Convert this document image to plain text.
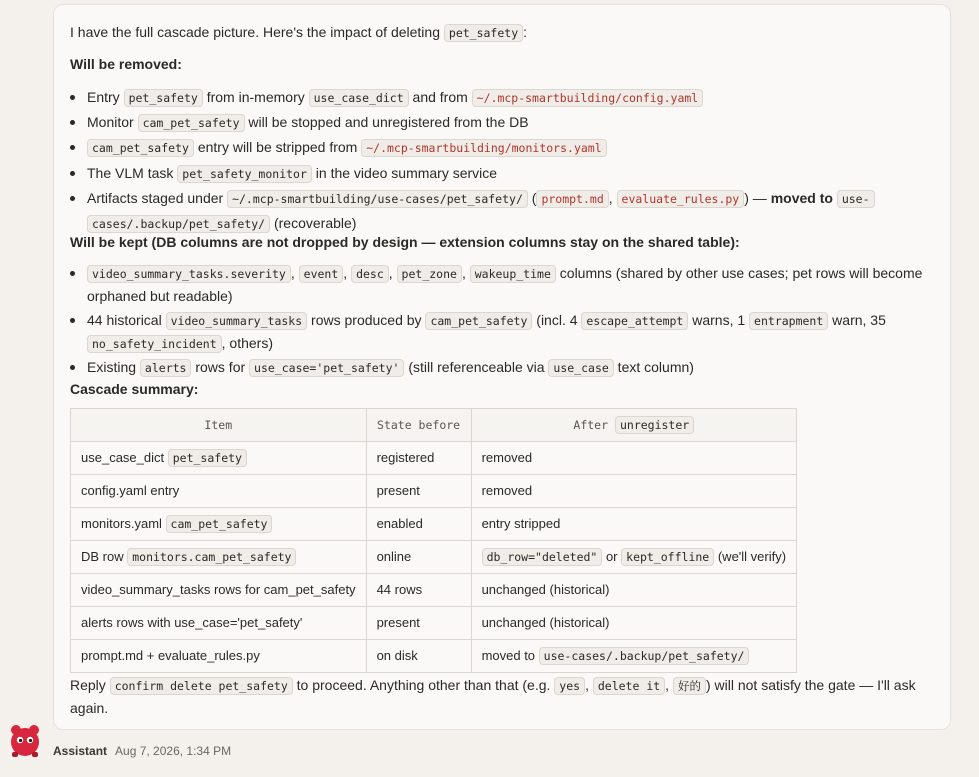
I have the full cascade picture. Here's the impact of deleting pet_safety :
Will be removed:
Entry pet_safety from in-memory use_case_dict and from ~/.mcp-smartbuilding/config.yaml
Monitor cam_pet_safety will be stopped and unregistered from the DB
cam_pet_safety entry will be stripped from ~/.mcp-smartbuilding/monitors.yaml
The VLM task pet_safety_monitor in the video summary service
Artifacts staged under ~/.mcp-smartbuilding/use-cases/pet_safety/ ( prompt.md , evaluate_rules.py ) — moved to use-
cases/.backup/pet_safety/ (recoverable)
Will be kept (DB columns are not dropped by design — extension columns stay on the shared table):
video_summary_tasks.severity , event , desc , pet_zone , wakeup_time columns (shared by other use cases; pet rows will become
orphaned but readable)
44 historical video_summary_tasks rows produced by cam_pet_safety (incl. 4 escape_attempt warns, 1 entrapment warn, 35
no_safety_incident , others)
Existing alerts rows for use_case='pet_safety' (still referenceable via use_case text column)
Cascade summary:
Item	State before	After unregister
use_case_dict pet_safety	registered	removed
config.yaml entry	present	removed
monitors.yaml cam_pet_safety	enabled	entry stripped
DB row monitors.cam_pet_safety	online	db_row="deleted" or kept_offline (we'll verify)
video_summary_tasks rows for cam_pet_safety	44 rows	unchanged (historical)
alerts rows with use_case='pet_safety'	present	unchanged (historical)
prompt.md + evaluate_rules.py	on disk	moved to use-cases/.backup/pet_safety/
Reply confirm delete pet_safety to proceed. Anything other than that (e.g. yes , delete it , 好的 ) will not satisfy the gate — I'll ask
again.
Assistant Aug 7, 2026, 1:34 PM
